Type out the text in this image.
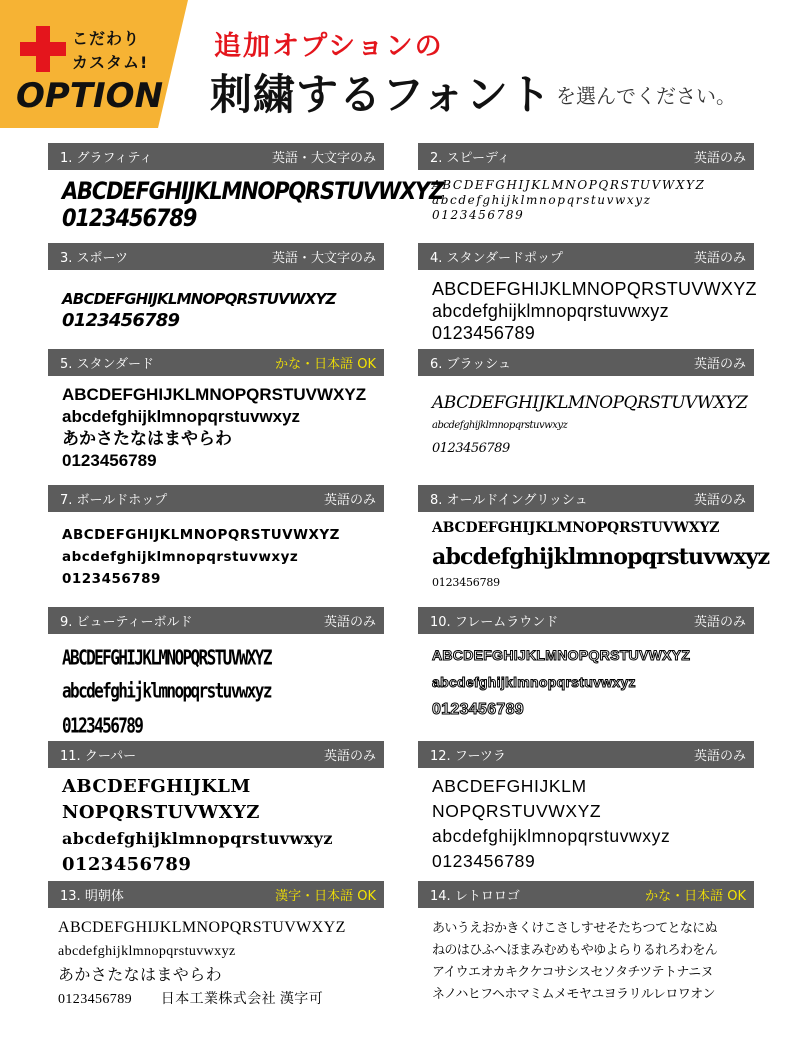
こだわり
カスタム!
OPTION
追加オプションの
刺繍するフォント を選んでください。
1. グラフィティ	英語・大文字のみ
ABCDEFGHIJKLMNOPQRSTUVWXYZ
0123456789
2. スピーディ	英語のみ
ABCDEFGHIJKLMNOPQRSTUVWXYZ
abcdefghijklmnopqrstuvwxyz
0123456789
3. スポーツ	英語・大文字のみ
ABCDEFGHIJKLMNOPQRSTUVWXYZ
0123456789
4. スタンダードポップ	英語のみ
ABCDEFGHIJKLMNOPQRSTUVWXYZ
abcdefghijklmnopqrstuvwxyz
0123456789
5. スタンダード	かな・日本語 OK
ABCDEFGHIJKLMNOPQRSTUVWXYZ
abcdefghijklmnopqrstuvwxyz
あかさたなはまやらわ
0123456789
6. ブラッシュ	英語のみ
ABCDEFGHIJKLMNOPQRSTUVWXYZ
abcdefghijklmnopqrstuvwxyz
0123456789
7. ボールドホップ	英語のみ
ABCDEFGHIJKLMNOPQRSTUVWXYZ
abcdefghijklmnopqrstuvwxyz
0123456789
8. オールドイングリッシュ	英語のみ
ABCDEFGHIJKLMNOPQRSTUVWXYZ
abcdefghijklmnopqrstuvwxyz
0123456789
9. ビューティーボルド	英語のみ
ABCDEFGHIJKLMNOPQRSTUVWXYZ
abcdefghijklmnopqrstuvwxyz
0123456789
10. フレームラウンド	英語のみ
ABCDEFGHIJKLMNOPQRSTUVWXYZ
abcdefghijklmnopqrstuvwxyz
0123456789
11. クーパー	英語のみ
ABCDEFGHIJKLM
NOPQRSTUVWXYZ
abcdefghijklmnopqrstuvwxyz
0123456789
12. フーツラ	英語のみ
ABCDEFGHIJKLM
NOPQRSTUVWXYZ
abcdefghijklmnopqrstuvwxyz
0123456789
13. 明朝体	漢字・日本語 OK
ABCDEFGHIJKLMNOPQRSTUVWXYZ
abcdefghijklmnopqrstuvwxyz
あかさたなはまやらわ
0123456789　　日本工業株式会社 漢字可
14. レトロロゴ	かな・日本語 OK
あいうえおかきくけこさしすせそたちつてとなにぬ
ねのはひふへほまみむめもやゆよらりるれろわをん
アイウエオカキクケコサシスセソタチツテトナニヌ
ネノハヒフヘホマミムメモヤユヨラリルレロワオン
